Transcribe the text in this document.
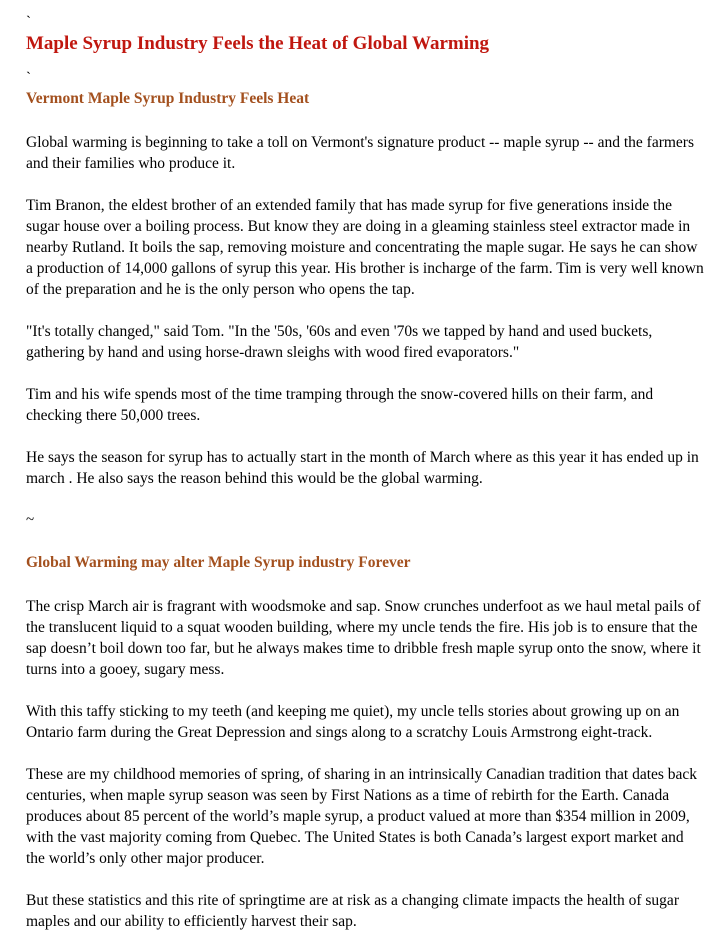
`
Maple Syrup Industry Feels the Heat of Global Warming
`
Vermont Maple Syrup Industry Feels Heat

Global warming is beginning to take a toll on Vermont's signature product -- maple syrup -- and the farmers and their families who produce it.

Tim Branon, the eldest brother of an extended family that has made syrup for five generations inside the sugar house over a boiling process. But know they are doing in a gleaming stainless steel extractor made in nearby Rutland. It boils the sap, removing moisture and concentrating the maple sugar. He says he can show a production of 14,000 gallons of syrup this year. His brother is incharge of the farm. Tim is very well known of the preparation and he is the only person who opens the tap.

"It's totally changed," said Tom. "In the '50s, '60s and even '70s we tapped by hand and used buckets, gathering by hand and using horse-drawn sleighs with wood fired evaporators."

Tim and his wife spends most of the time tramping through the snow-covered hills on their farm, and checking there 50,000 trees.

He says the season for syrup has to actually start in the month of March where as this year it has ended up in march . He also says the reason behind this would be the global warming.

~
Global Warming may alter Maple Syrup industry Forever

The crisp March air is fragrant with woodsmoke and sap. Snow crunches underfoot as we haul metal pails of the translucent liquid to a squat wooden building, where my uncle tends the fire. His job is to ensure that the sap doesn’t boil down too far, but he always makes time to dribble fresh maple syrup onto the snow, where it turns into a gooey, sugary mess.

With this taffy sticking to my teeth (and keeping me quiet), my uncle tells stories about growing up on an Ontario farm during the Great Depression and sings along to a scratchy Louis Armstrong eight-track.

These are my childhood memories of spring, of sharing in an intrinsically Canadian tradition that dates back centuries, when maple syrup season was seen by First Nations as a time of rebirth for the Earth. Canada produces about 85 percent of the world’s maple syrup, a product valued at more than $354 million in 2009, with the vast majority coming from Quebec. The United States is both Canada’s largest export market and the world’s only other major producer.

But these statistics and this rite of springtime are at risk as a changing climate impacts the health of sugar maples and our ability to efficiently harvest their sap.
